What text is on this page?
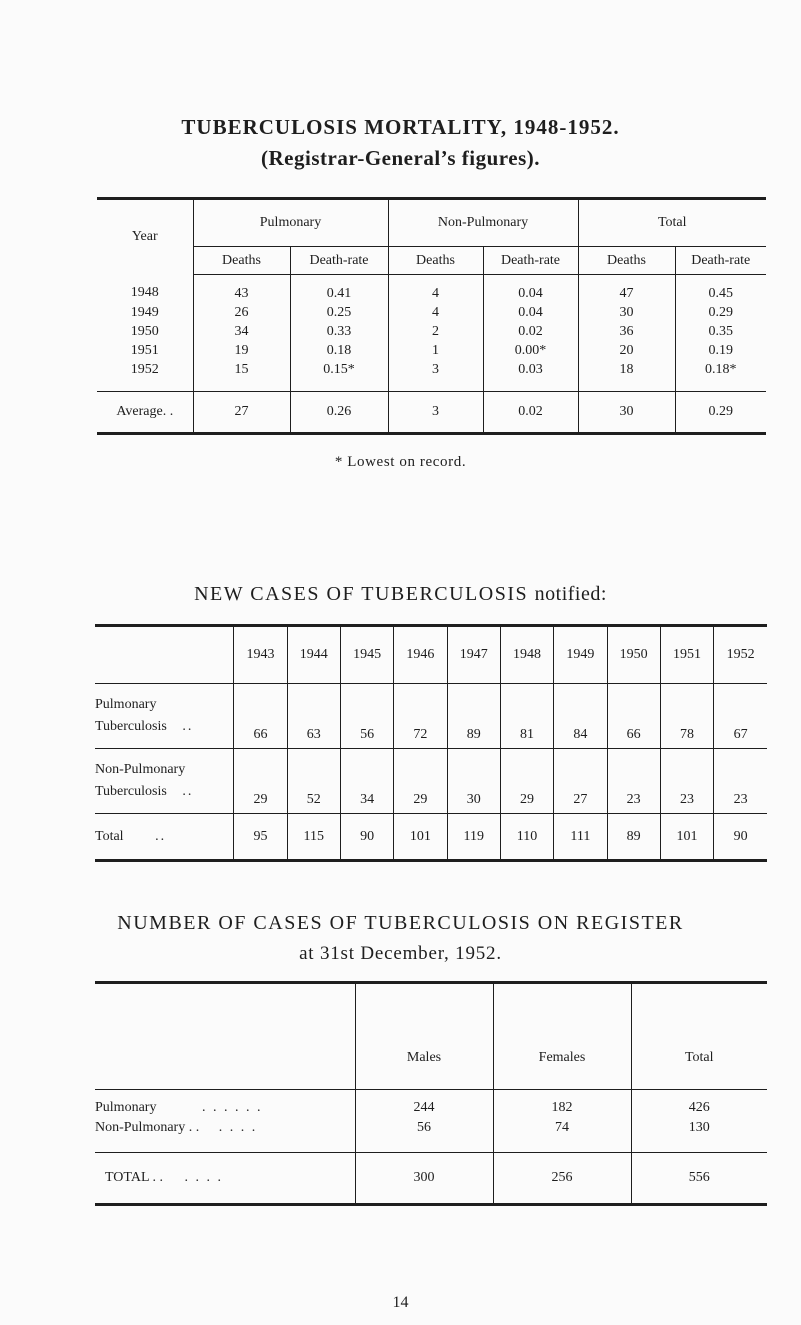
TUBERCULOSIS MORTALITY, 1948-1952.
(Registrar-General’s figures).
Year	Pulmonary		Non-Pulmonary		Total	
	Deaths	Death-rate	Deaths	Death-rate	Deaths	Death-rate
1948	43	0.41	4	0.04	47	0.45
1949	26	0.25	4	0.04	30	0.29
1950	34	0.33	2	0.02	36	0.35
1951	19	0.18	1	0.00*	20	0.19
1952	15	0.15*	3	0.03	18	0.18*
Average. .	27	0.26	3	0.02	30	0.29
* Lowest on record.
NEW CASES OF TUBERCULOSIS notified:
	1943	1944	1945	1946	1947	1948	1949	1950	1951	1952
Pulmonary
Tuberculosis ..	66	63	56	72	89	81	84	66	78	67
Non-Pulmonary
Tuberculosis ..	29	52	34	29	30	29	27	23	23	23
Total ..	95	115	90	101	119	110	111	89	101	90
NUMBER OF CASES OF TUBERCULOSIS ON REGISTER
at 31st December, 1952.
	Males	Females	Total
Pulmonary . . . . . .	244	182	426
Non-Pulmonary . . . . . .	56	74	130
TOTAL . . . . . .	300	256	556
14
